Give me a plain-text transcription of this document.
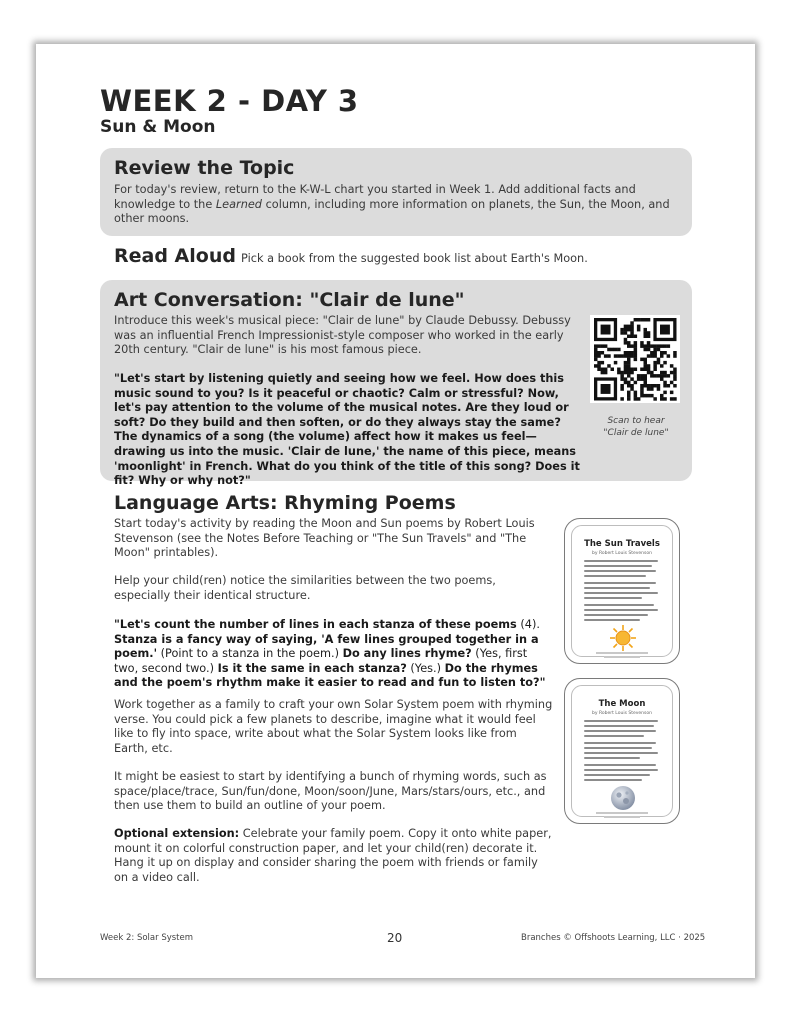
WEEK 2 - DAY 3
Sun & Moon
Review the Topic
For today's review, return to the K-W-L chart you started in Week 1. Add additional facts and knowledge to the Learned column, including more information on planets, the Sun, the Moon, and other moons.
Read Aloud Pick a book from the suggested book list about Earth's Moon.
Art Conversation: "Clair de lune"
Introduce this week's musical piece: "Clair de lune" by Claude Debussy. Debussy was an influential French Impressionist-style composer who worked in the early 20th century. "Clair de lune" is his most famous piece.
"Let's start by listening quietly and seeing how we feel. How does this music sound to you? Is it peaceful or chaotic? Calm or stressful? Now, let's pay attention to the volume of the musical notes. Are they loud or soft? Do they build and then soften, or do they always stay the same? The dynamics of a song (the volume) affect how it makes us feel—drawing us into the music. 'Clair de lune,' the name of this piece, means 'moonlight' in French. What do you think of the title of this song? Does it fit? Why or why not?"
Scan to hear
"Clair de lune"
Language Arts: Rhyming Poems
Start today's activity by reading the Moon and Sun poems by Robert Louis Stevenson (see the Notes Before Teaching or "The Sun Travels" and "The Moon" printables).
Help your child(ren) notice the similarities between the two poems, especially their identical structure.
"Let's count the number of lines in each stanza of these poems (4). Stanza is a fancy way of saying, 'A few lines grouped together in a poem.' (Point to a stanza in the poem.) Do any lines rhyme? (Yes, first two, second two.) Is it the same in each stanza? (Yes.) Do the rhymes and the poem's rhythm make it easier to read and fun to listen to?"
Work together as a family to craft your own Solar System poem with rhyming verse. You could pick a few planets to describe, imagine what it would feel like to fly into space, write about what the Solar System looks like from Earth, etc.
It might be easiest to start by identifying a bunch of rhyming words, such as space/place/trace, Sun/fun/done, Moon/soon/June, Mars/stars/ours, etc., and then use them to build an outline of your poem.
Optional extension: Celebrate your family poem. Copy it onto white paper, mount it on colorful construction paper, and let your child(ren) decorate it. Hang it up on display and consider sharing the poem with friends or family on a video call.
The Sun Travels
by Robert Louis Stevenson
The Moon
by Robert Louis Stevenson
Week 2: Solar System	20	Branches © Offshoots Learning, LLC · 2025
